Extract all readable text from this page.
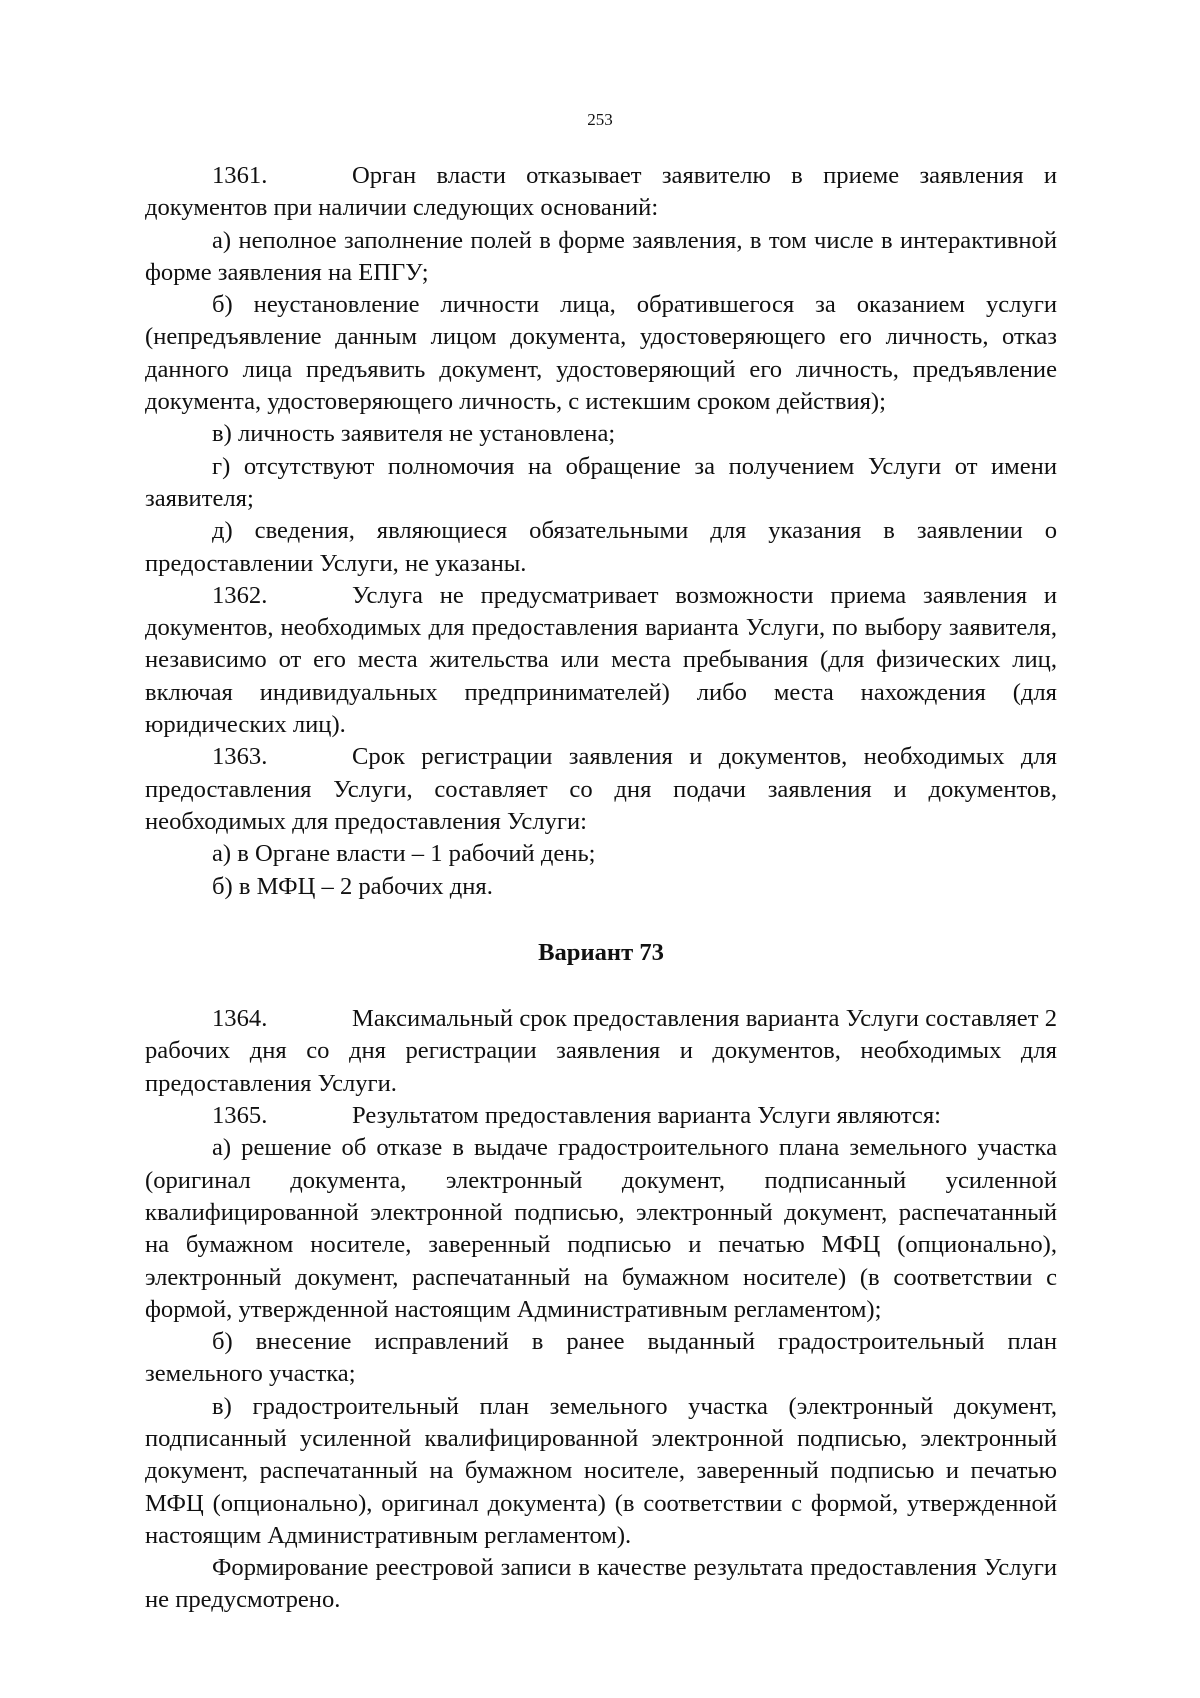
253

1361.	Орган власти отказывает заявителю в приеме заявления и документов при наличии следующих оснований:

а) неполное заполнение полей в форме заявления, в том числе в интерактивной форме заявления на ЕПГУ;

б) неустановление личности лица, обратившегося за оказанием услуги (непредъявление данным лицом документа, удостоверяющего его личность, отказ данного лица предъявить документ, удостоверяющий его личность, предъявление документа, удостоверяющего личность, с истекшим сроком действия);

в) личность заявителя не установлена;

г) отсутствуют полномочия на обращение за получением Услуги от имени заявителя;

д) сведения, являющиеся обязательными для указания в заявлении о предоставлении Услуги, не указаны.

1362.	Услуга не предусматривает возможности приема заявления и документов, необходимых для предоставления варианта Услуги, по выбору заявителя, независимо от его места жительства или места пребывания (для физических лиц, включая индивидуальных предпринимателей) либо места нахождения (для юридических лиц).

1363.	Срок регистрации заявления и документов, необходимых для предоставления Услуги, составляет со дня подачи заявления и документов, необходимых для предоставления Услуги:

а) в Органе власти – 1 рабочий день;

б) в МФЦ – 2 рабочих дня.

Вариант 73

1364.	Максимальный срок предоставления варианта Услуги составляет 2 рабочих дня со дня регистрации заявления и документов, необходимых для предоставления Услуги.

1365.	Результатом предоставления варианта Услуги являются:

а) решение об отказе в выдаче градостроительного плана земельного участка (оригинал документа, электронный документ, подписанный усиленной квалифицированной электронной подписью, электронный документ, распечатанный на бумажном носителе, заверенный подписью и печатью МФЦ (опционально), электронный документ, распечатанный на бумажном носителе) (в соответствии с формой, утвержденной настоящим Административным регламентом);

б) внесение исправлений в ранее выданный градостроительный план земельного участка;

в) градостроительный план земельного участка (электронный документ, подписанный усиленной квалифицированной электронной подписью, электронный документ, распечатанный на бумажном носителе, заверенный подписью и печатью МФЦ (опционально), оригинал документа) (в соответствии с формой, утвержденной настоящим Административным регламентом).

Формирование реестровой записи в качестве результата предоставления Услуги не предусмотрено.
